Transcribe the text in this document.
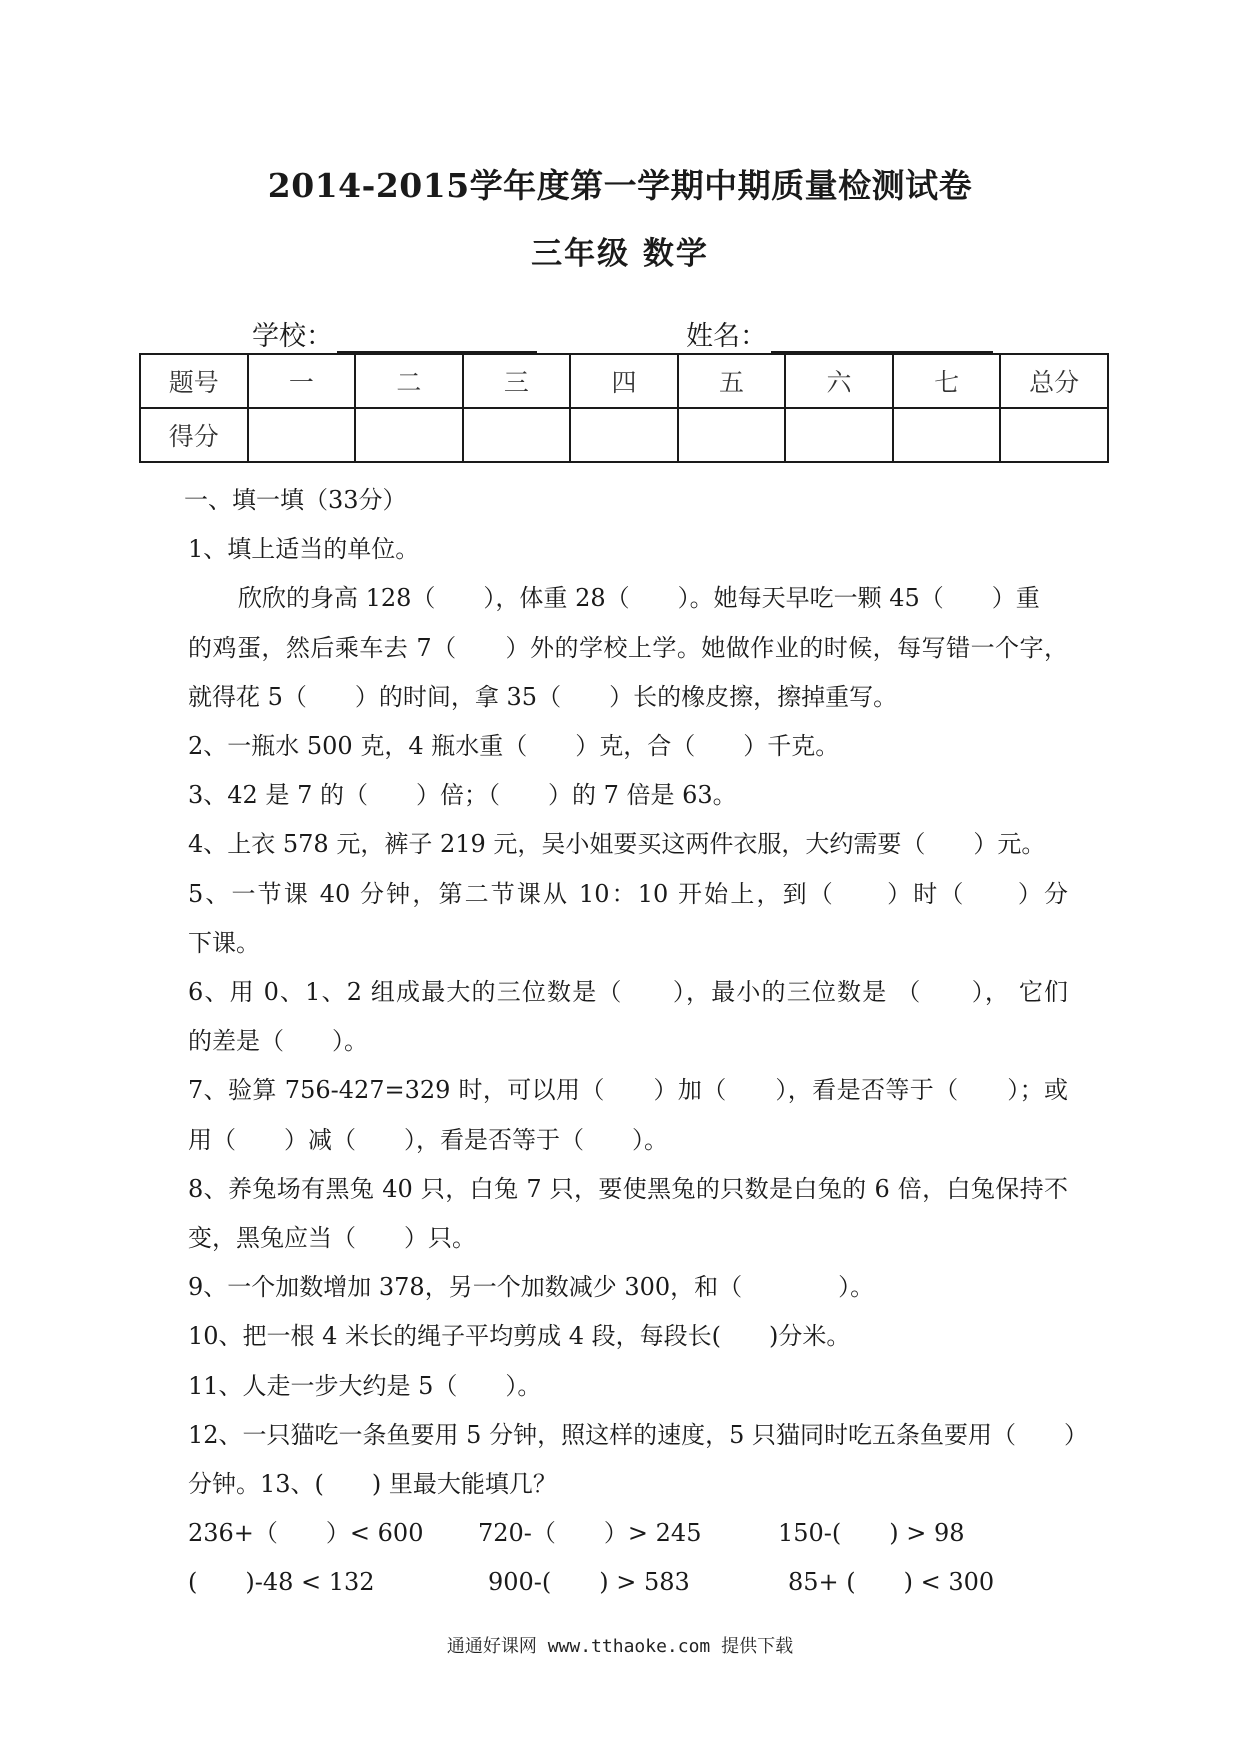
2014-2015学年度第一学期中期质量检测试卷
三年级 数学
学校：	姓名：
题号	一	二	三	四	五	六	七	总分
得分								

一、填一填（33分）

1、填上适当的单位。

欣欣的身高 128（　　），体重 28（　　）。她每天早吃一颗 45（　　）重

的鸡蛋，然后乘车去 7（　　）外的学校上学。她做作业的时候，每写错一个字，

就得花 5（　　）的时间，拿 35（　　）长的橡皮擦，擦掉重写。

2、一瓶水 500 克，4 瓶水重（　　）克，合（　　）千克。

3、42 是 7 的（　　）倍；（　　）的 7 倍是 63。

4、上衣 578 元，裤子 219 元，吴小姐要买这两件衣服，大约需要（　　）元。

5、一节课 40 分钟，第二节课从 10：10 开始上，到（　　）时（　　）分

下课。

6、用 0、1、2 组成最大的三位数是（　　），最小的三位数是 （　　）， 它们

的差是（　　）。

7、验算 756-427=329 时，可以用（　　）加（　　），看是否等于（　　）；或

用（　　）减（　　），看是否等于（　　）。

8、养兔场有黑兔 40 只，白兔 7 只，要使黑兔的只数是白兔的 6 倍，白兔保持不

变，黑兔应当（　　）只。

9、一个加数增加 378，另一个加数减少 300，和（　　　　）。

10、把一根 4 米长的绳子平均剪成 4 段，每段长(　　)分米。

11、人走一步大约是 5（　　）。

12、一只猫吃一条鱼要用 5 分钟，照这样的速度，5 只猫同时吃五条鱼要用（　　）

分钟。13、(　　) 里最大能填几？

236+（　　）< 600	720-（　　）> 245	150-(　　) > 98

(　　)-48 < 132	900-(　　) > 583	85+ (　　) < 300

通通好课网 www.tthaoke.com 提供下载
